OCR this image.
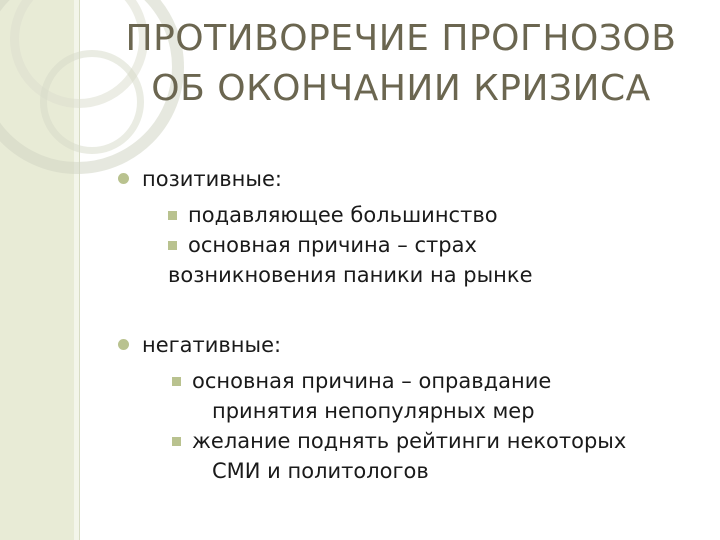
ПРОТИВОРЕЧИЕ ПРОГНОЗОВ
ОБ ОКОНЧАНИИ КРИЗИСА
позитивные:
подавляющее большинство
основная причина – страх
возникновения паники на рынке
негативные:
основная причина – оправдание
принятия непопулярных мер
желание поднять рейтинги некоторых
СМИ и политологов
